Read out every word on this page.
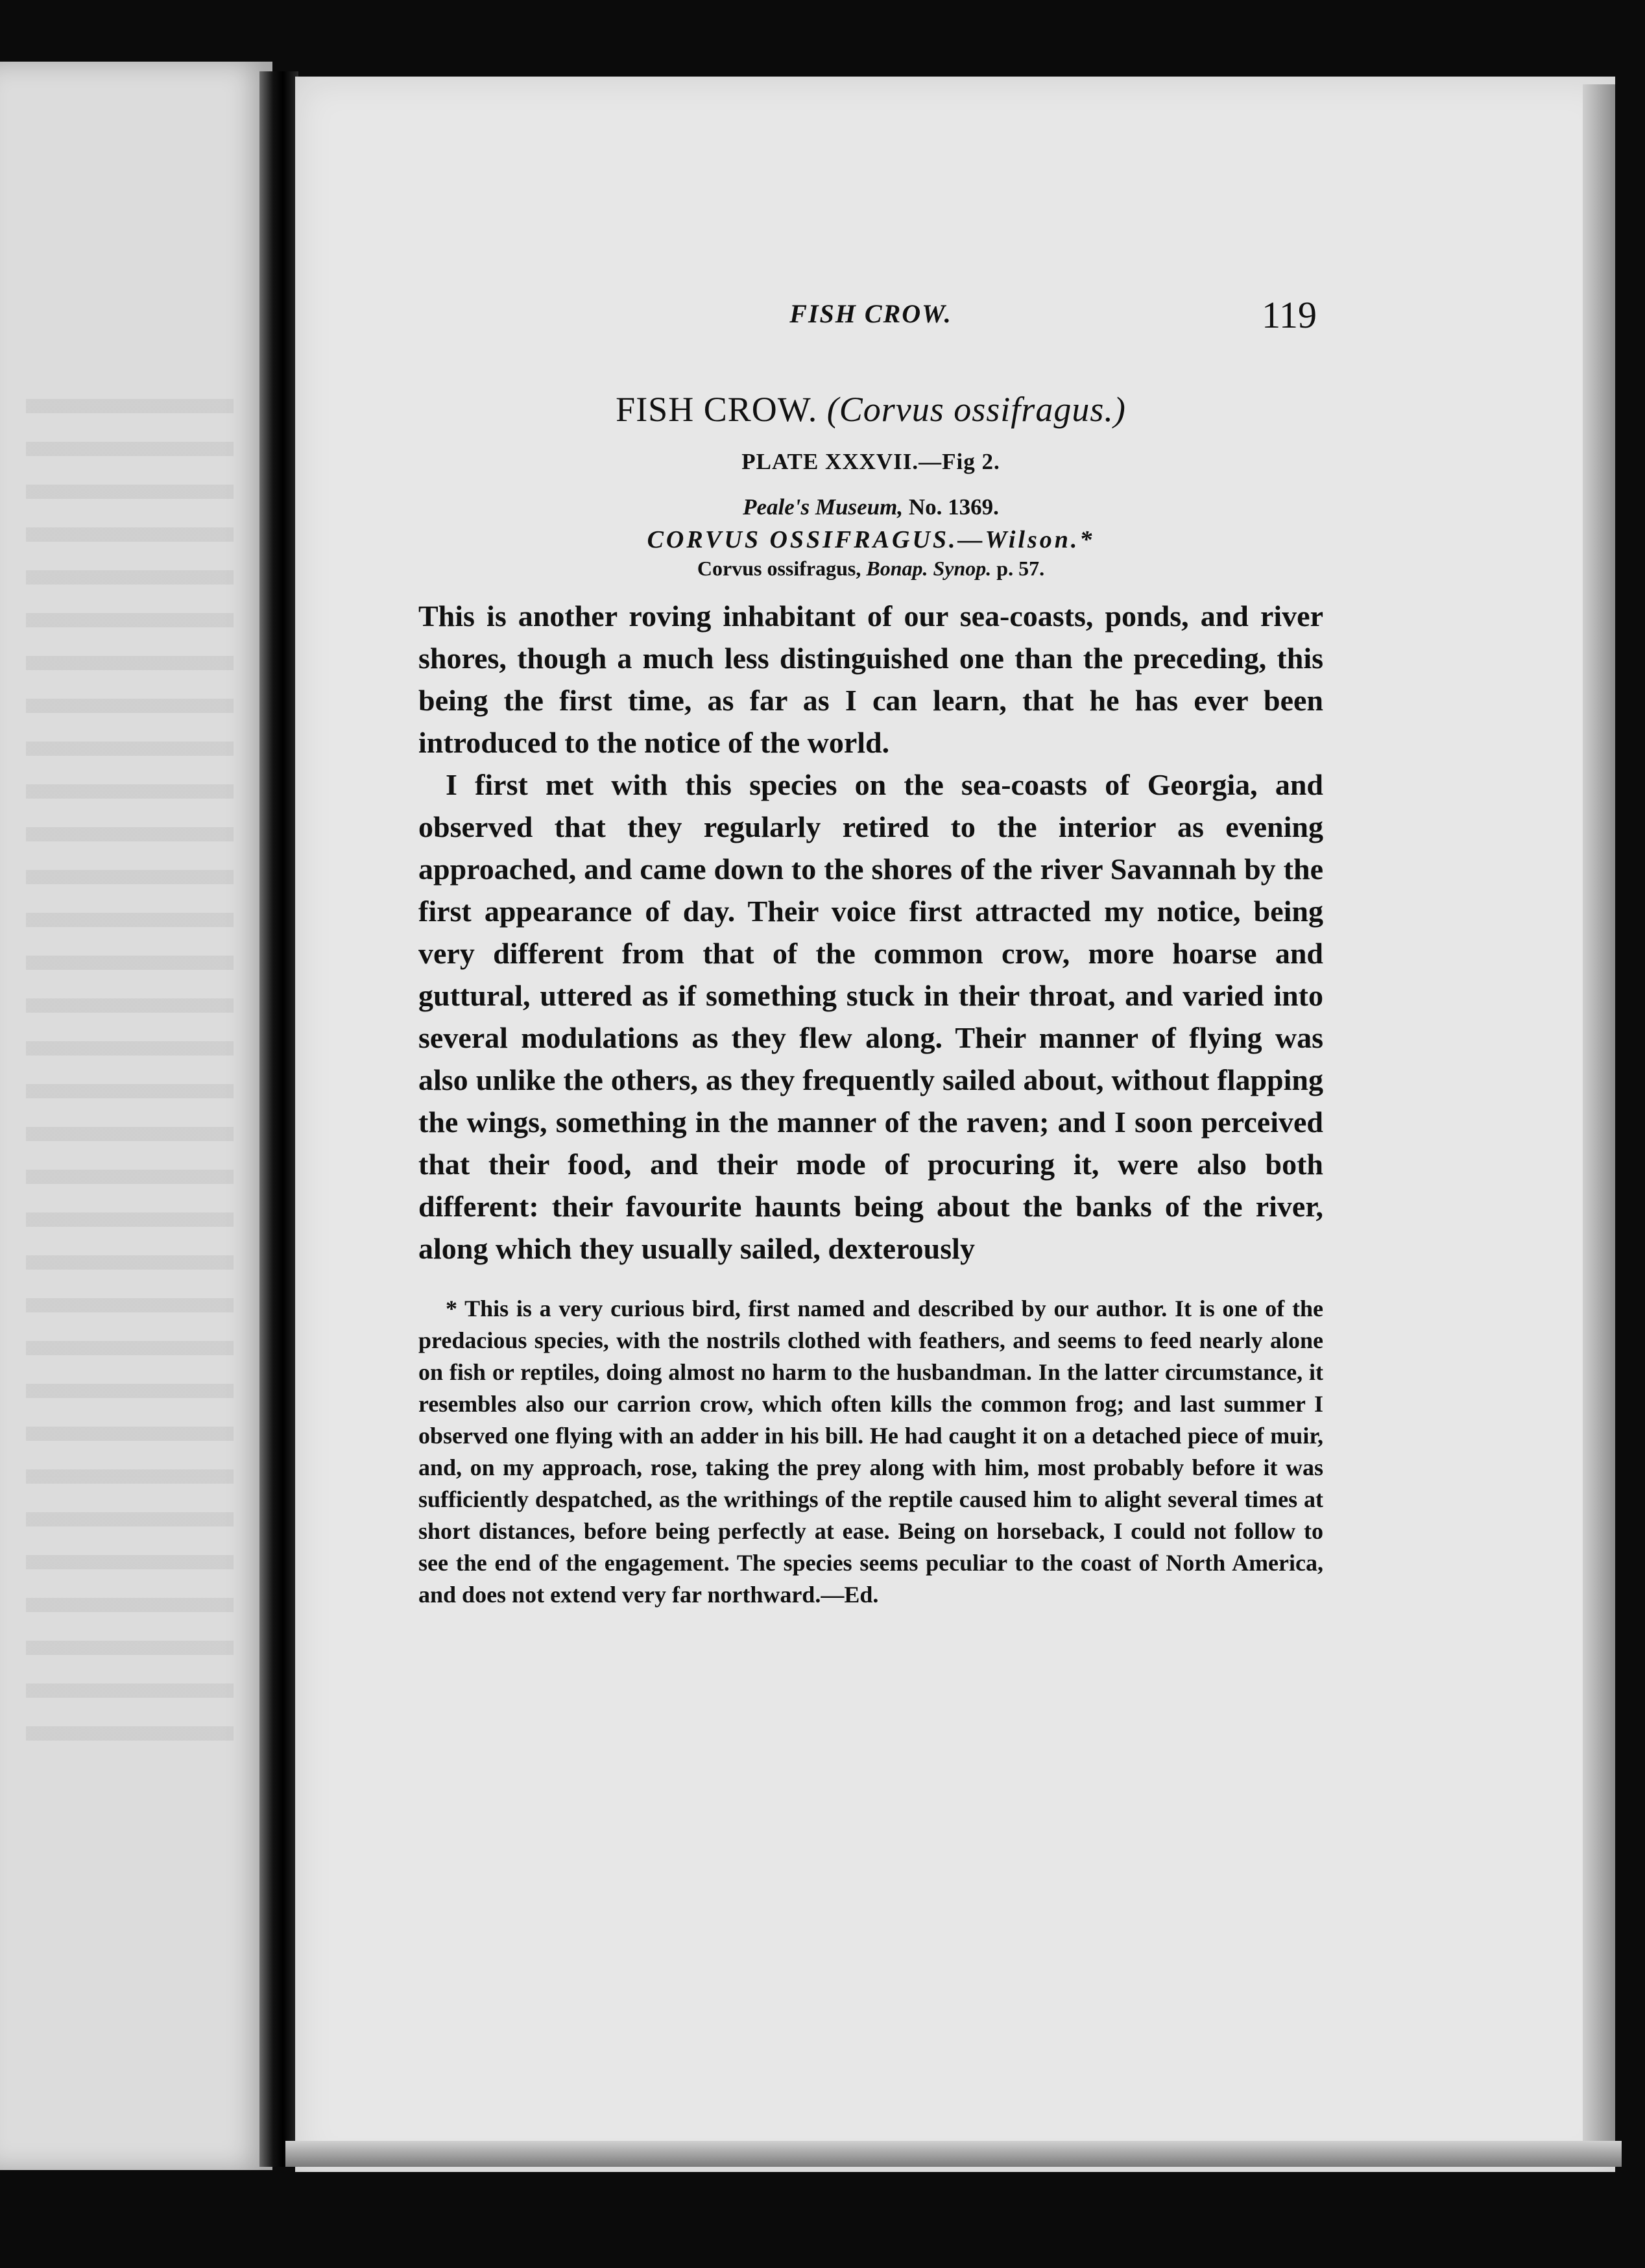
FISH CROW.	119
FISH CROW. (Corvus ossifragus.)
PLATE XXXVII.—Fig 2.
Peale's Museum, No. 1369.
CORVUS OSSIFRAGUS.—Wilson.*
Corvus ossifragus, Bonap. Synop. p. 57.

This is another roving inhabitant of our sea-coasts, ponds, and river shores, though a much less distinguished one than the preceding, this being the first time, as far as I can learn, that he has ever been introduced to the notice of the world.

I first met with this species on the sea-coasts of Georgia, and observed that they regularly retired to the interior as evening approached, and came down to the shores of the river Savannah by the first appearance of day. Their voice first attracted my notice, being very different from that of the common crow, more hoarse and guttural, uttered as if something stuck in their throat, and varied into several modulations as they flew along. Their manner of flying was also unlike the others, as they frequently sailed about, without flapping the wings, something in the manner of the raven; and I soon perceived that their food, and their mode of procuring it, were also both different: their favourite haunts being about the banks of the river, along which they usually sailed, dexterously

* This is a very curious bird, first named and described by our author. It is one of the predacious species, with the nostrils clothed with feathers, and seems to feed nearly alone on fish or reptiles, doing almost no harm to the husbandman. In the latter circumstance, it resembles also our carrion crow, which often kills the common frog; and last summer I observed one flying with an adder in his bill. He had caught it on a detached piece of muir, and, on my approach, rose, taking the prey along with him, most probably before it was sufficiently despatched, as the writhings of the reptile caused him to alight several times at short distances, before being perfectly at ease. Being on horseback, I could not follow to see the end of the engagement. The species seems peculiar to the coast of North America, and does not extend very far northward.—Ed.
